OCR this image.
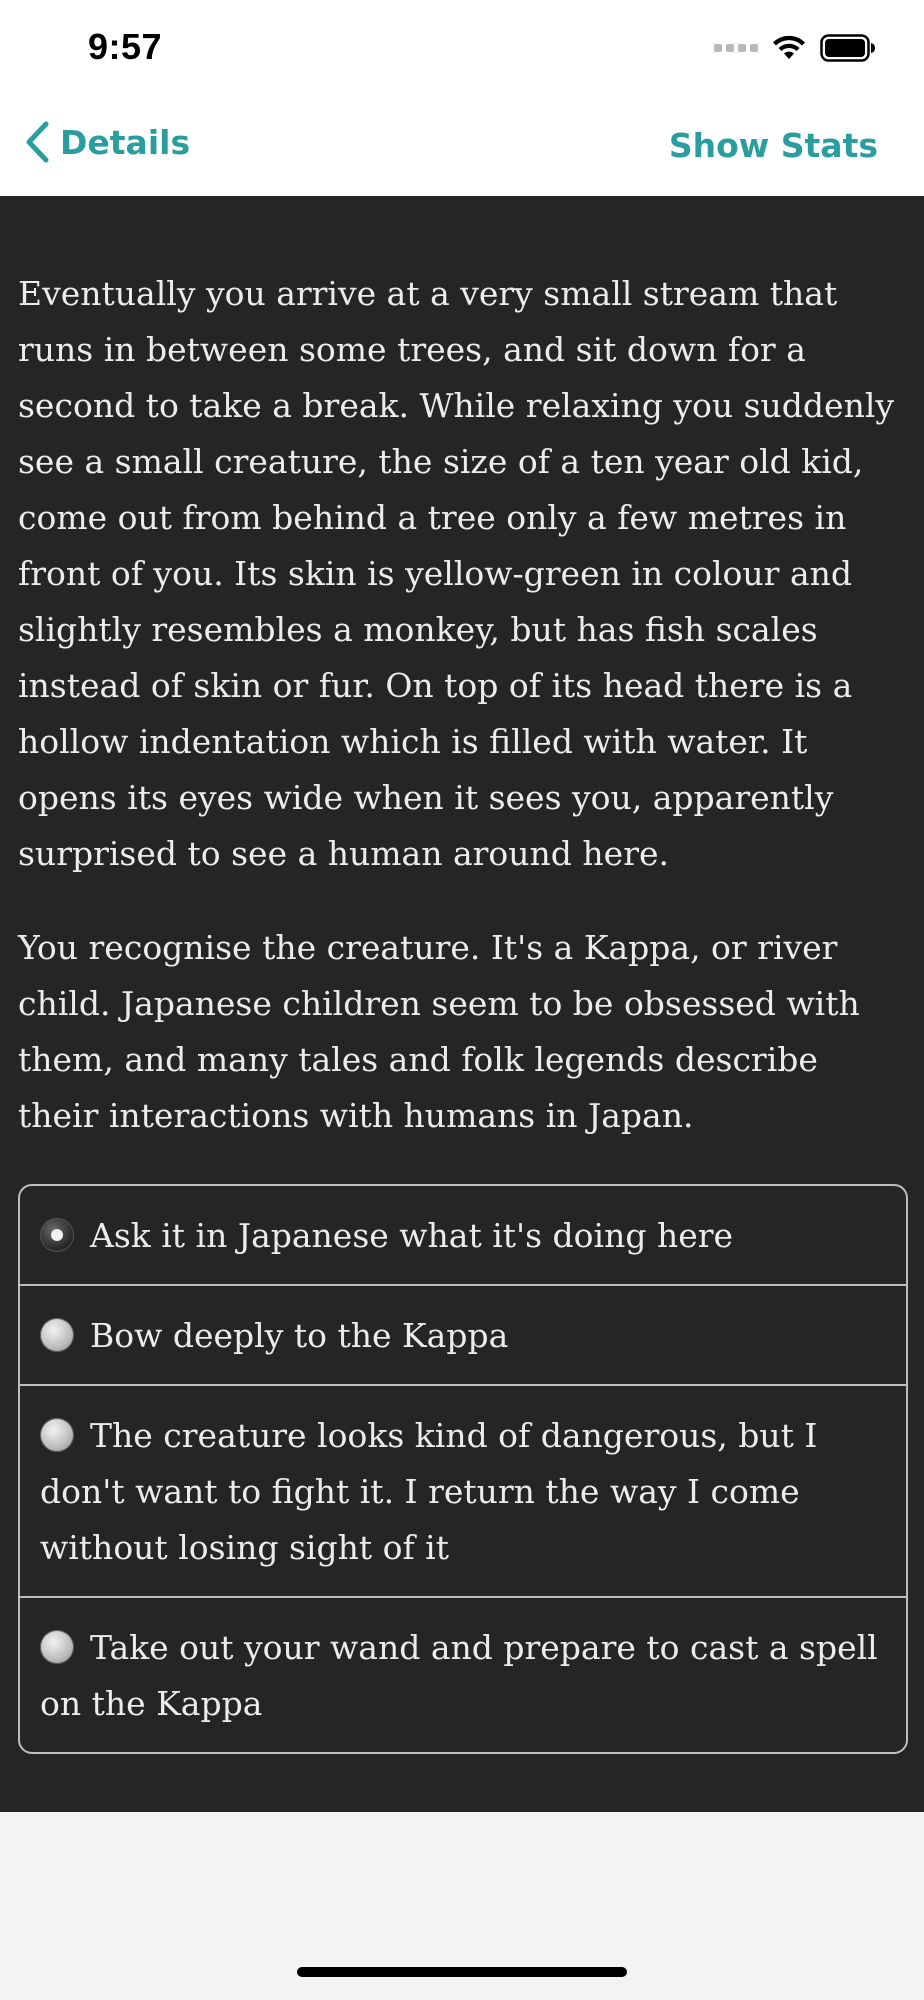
9:57
Details	Show Stats

Eventually you arrive at a very small stream that runs in between some trees, and sit down for a second to take a break. While relaxing you suddenly see a small creature, the size of a ten year old kid, come out from behind a tree only a few metres in front of you. Its skin is yellow-green in colour and slightly resembles a monkey, but has fish scales instead of skin or fur. On top of its head there is a hollow indentation which is filled with water. It opens its eyes wide when it sees you, apparently surprised to see a human around here.

You recognise the creature. It's a Kappa, or river child. Japanese children seem to be obsessed with them, and many tales and folk legends describe their interactions with humans in Japan.

Ask it in Japanese what it's doing here
Bow deeply to the Kappa
The creature looks kind of dangerous, but I don't want to fight it. I return the way I come without losing sight of it
Take out your wand and prepare to cast a spell on the Kappa
